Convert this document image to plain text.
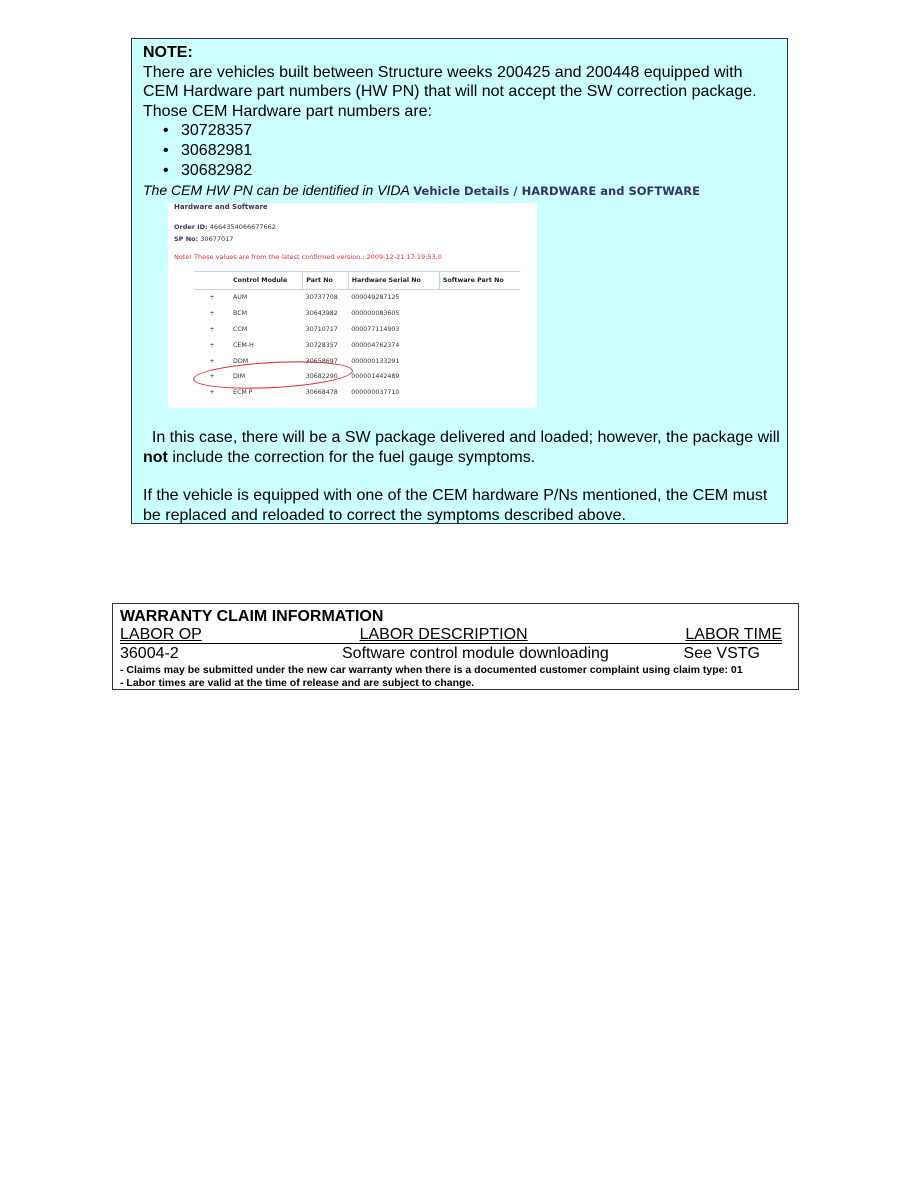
NOTE:

There are vehicles built between Structure weeks 200425 and 200448 equipped with CEM Hardware part numbers (HW PN) that will not accept the SW correction package. Those CEM Hardware part numbers are:

• 30728357
• 30682981
• 30682982
The CEM HW PN can be identified in VIDA Vehicle Details / HARDWARE and SOFTWARE
Hardware and Software
Order ID: 4664354066677662
SP No: 30677017
Note! These values are from the latest confirmed version.: 2009-12-21 17:19:53.0
	Control Module	Part No	Hardware Serial No	Software Part No
+	AUM	30737708	000049287125	
+	BCM	30643982	000000083605	
+	CCM	30710717	000077114903	
+	CEM-H	30728357	000004762374	
+	DDM	30658697	000000133291	
+	DIM	30682290	000001442489	
+	ECM P	30668478	000000037710	

In this case, there will be a SW package delivered and loaded; however, the package will not include the correction for the fuel gauge symptoms.

If the vehicle is equipped with one of the CEM hardware P/Ns mentioned, the CEM must be replaced and reloaded to correct the symptoms described above.

WARRANTY CLAIM INFORMATION
LABOR OP	LABOR DESCRIPTION	LABOR TIME
36004-2	Software control module downloading	See VSTG
- Claims may be submitted under the new car warranty when there is a documented customer complaint using claim type: 01
- Labor times are valid at the time of release and are subject to change.
